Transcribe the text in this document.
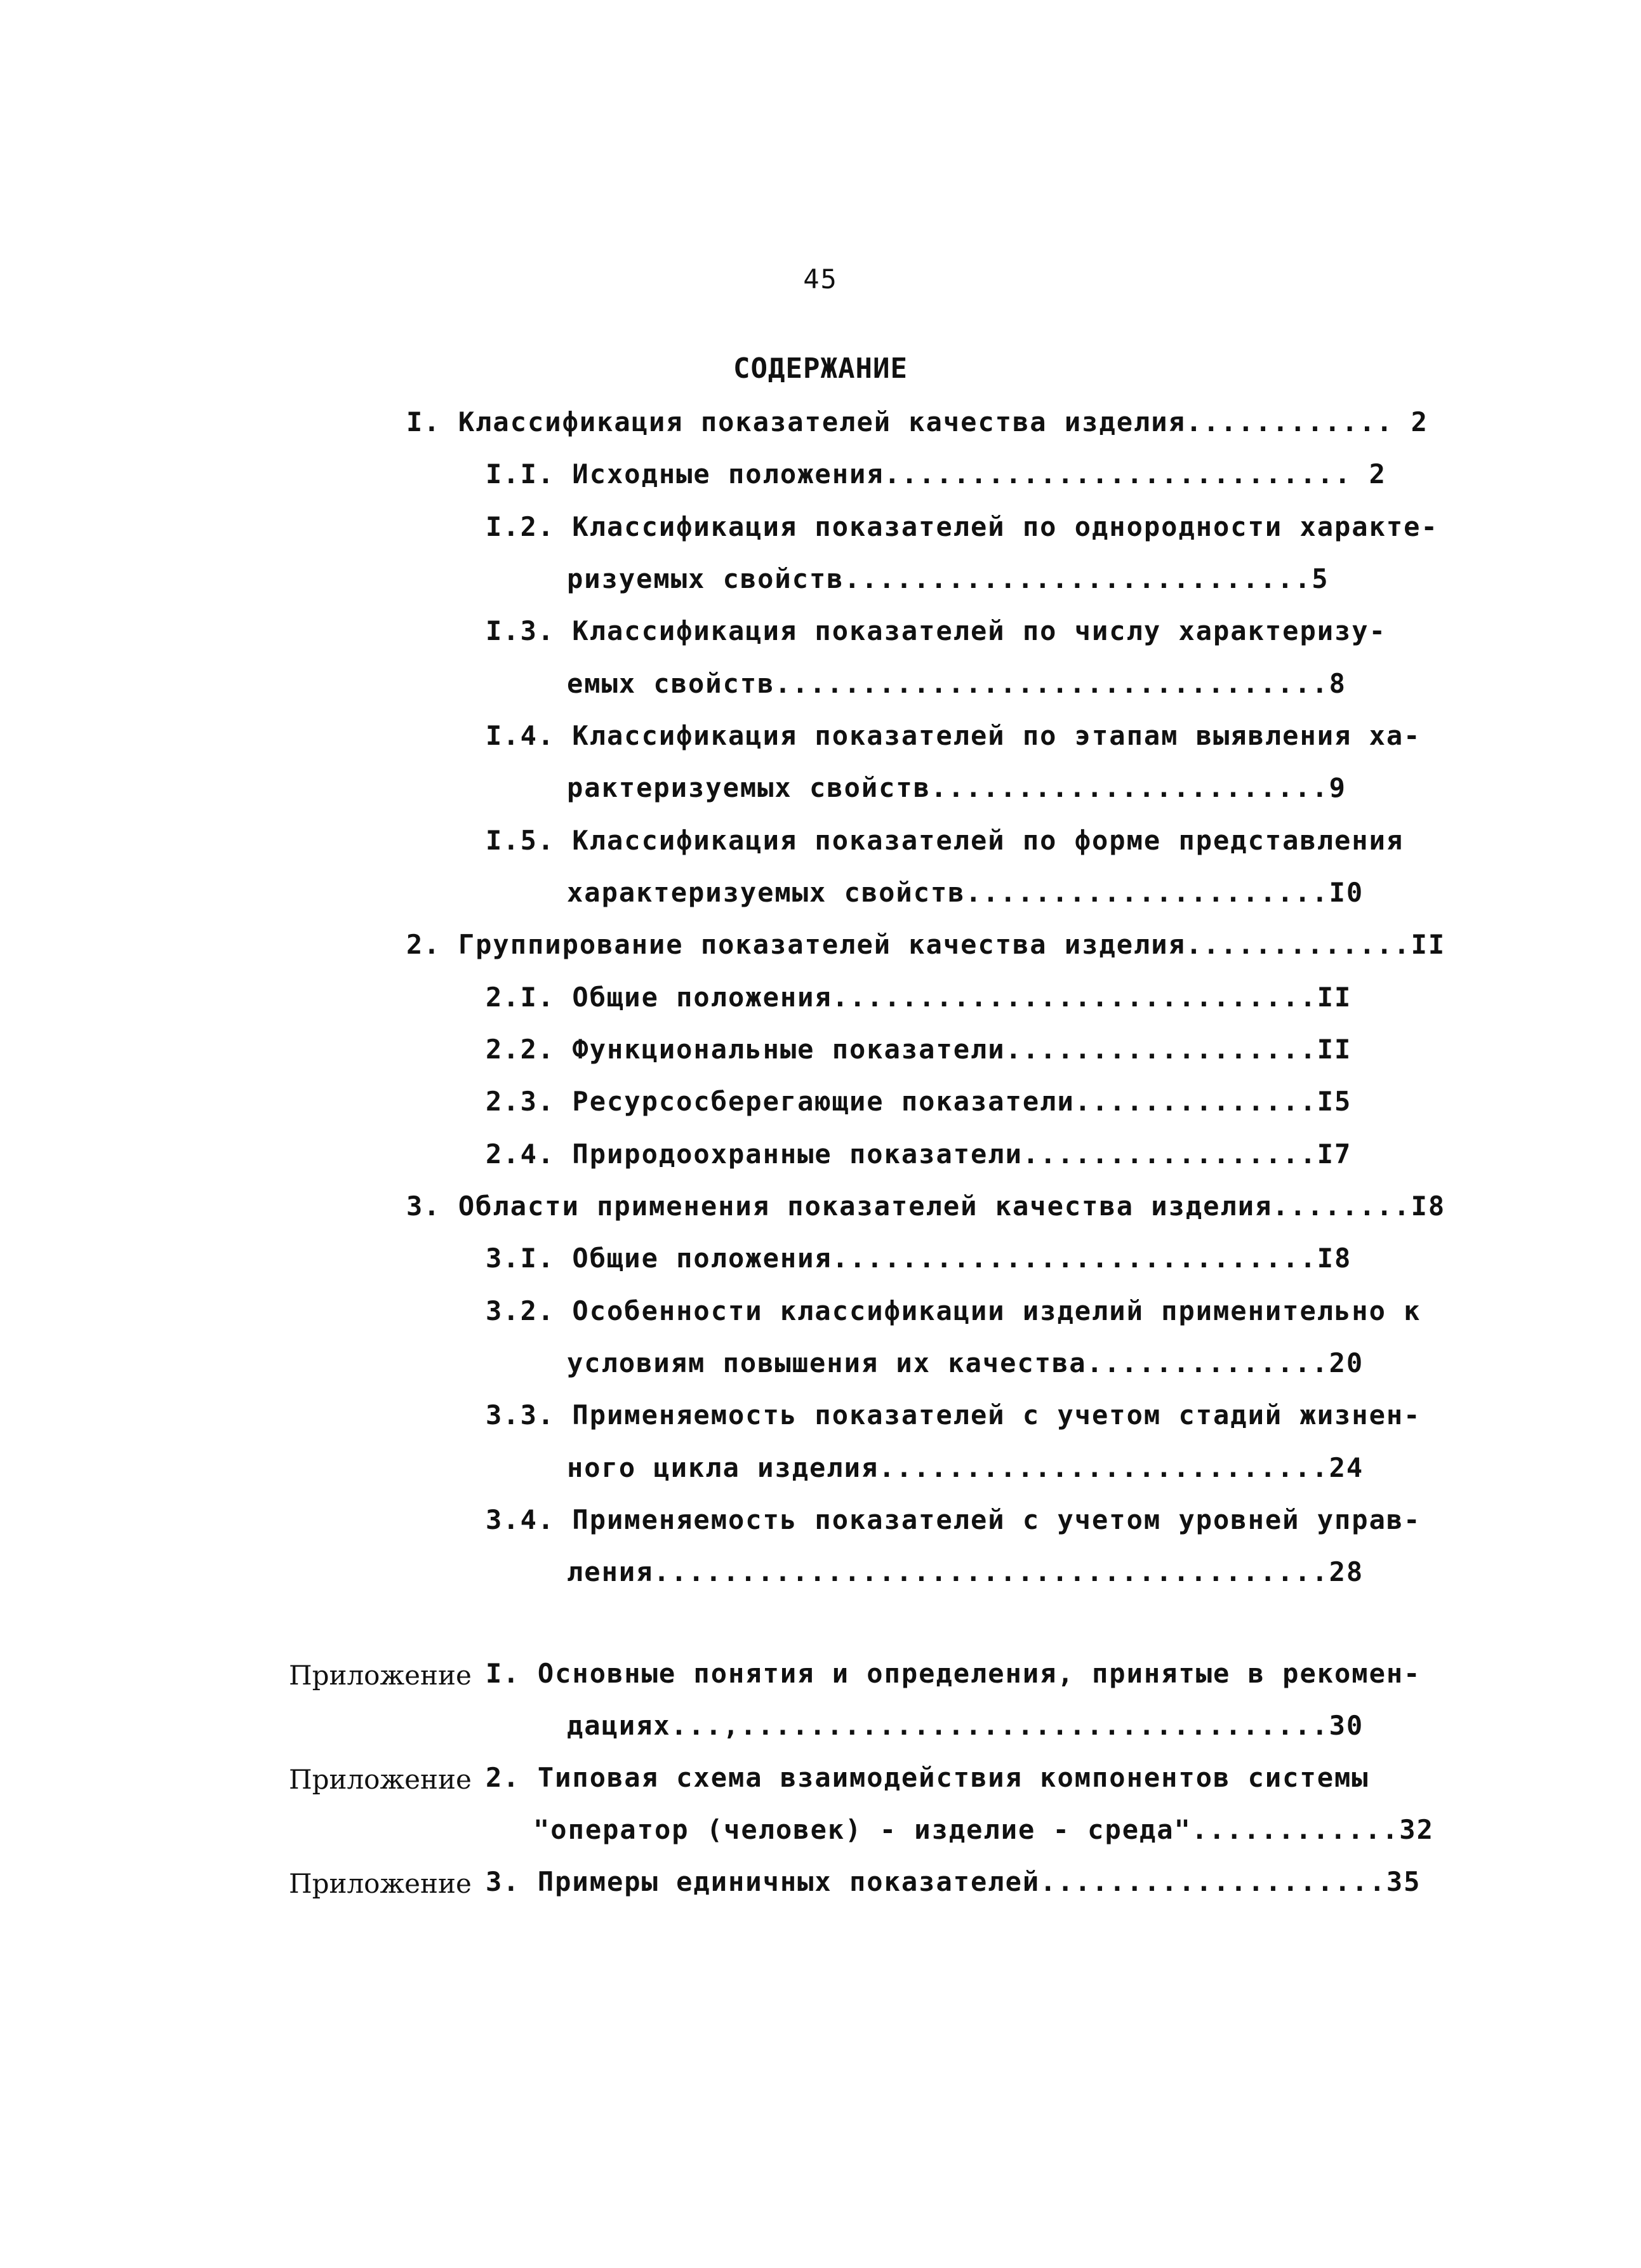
45
СОДЕРЖАНИЕ
I. Классификация показателей качества изделия............ 2
I.I. Исходные положения........................... 2
I.2. Классификация показателей по однородности характе-
ризуемых свойств...........................5
I.3. Классификация показателей по числу характеризу-
емых свойств................................8
I.4. Классификация показателей по этапам выявления ха-
рактеризуемых свойств.......................9
I.5. Классификация показателей по форме представления
характеризуемых свойств.....................I0
2. Группирование показателей качества изделия.............II
2.I. Общие положения............................II
2.2. Функциональные показатели..................II
2.3. Ресурсосберегающие показатели..............I5
2.4. Природоохранные показатели.................I7
3. Области применения показателей качества изделия........I8
3.I. Общие положения............................I8
3.2. Особенности классификации изделий применительно к
условиям повышения их качества..............20
3.3. Применяемость показателей с учетом стадий жизнен-
ного цикла изделия..........................24
3.4. Применяемость показателей с учетом уровней управ-
ления.......................................28
Приложение I. Основные понятия и определения, принятые в рекомен-
дациях...,..................................30
Приложение 2. Типовая схема взаимодействия компонентов системы
"оператор (человек) - изделие - среда"............32
Приложение 3. Примеры единичных показателей....................35
